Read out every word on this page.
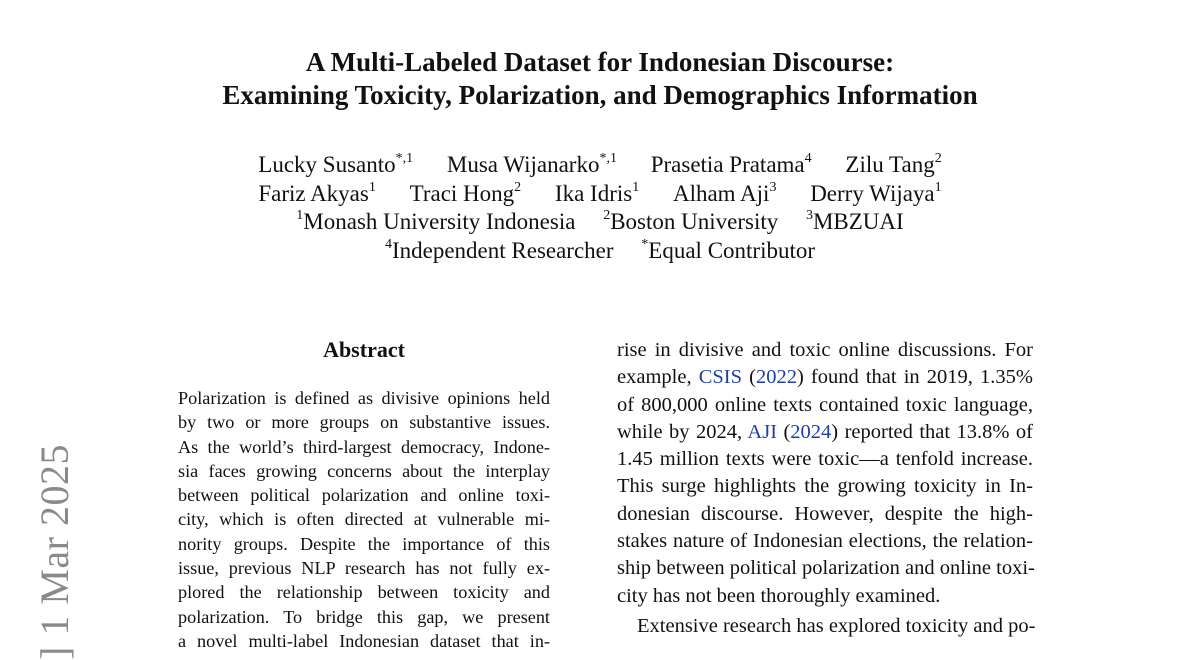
A Multi-Labeled Dataset for Indonesian Discourse:
Examining Toxicity, Polarization, and Demographics Information
Lucky Susanto$^{*,1}$ Musa Wijanarko$^{*,1}$ Prasetia Pratama$^4$ Zilu Tang$^2$
Fariz Akyas$^1$ Traci Hong$^2$ Ika Idris$^1$ Alham Aji$^3$ Derry Wijaya$^1$
$^1$Monash University Indonesia $^2$Boston University $^3$MBZUAI
$^4$Independent Researcher *Equal Contributor
] 1 Mar 2025
Abstract
Polarization is defined as divisive opinions held
by two or more groups on substantive issues.
As the world’s third-largest democracy, Indone-
sia faces growing concerns about the interplay
between political polarization and online toxi-
city, which is often directed at vulnerable mi-
nority groups. Despite the importance of this
issue, previous NLP research has not fully ex-
plored the relationship between toxicity and
polarization. To bridge this gap, we present
a novel multi-label Indonesian dataset that in-
rise in divisive and toxic online discussions. For
example, CSIS (2022) found that in 2019, 1.35%
of 800,000 online texts contained toxic language,
while by 2024, AJI (2024) reported that 13.8% of
1.45 million texts were toxic—a tenfold increase.
This surge highlights the growing toxicity in In-
donesian discourse. However, despite the high-
stakes nature of Indonesian elections, the relation-
ship between political polarization and online toxi-
city has not been thoroughly examined.
Extensive research has explored toxicity and po-
